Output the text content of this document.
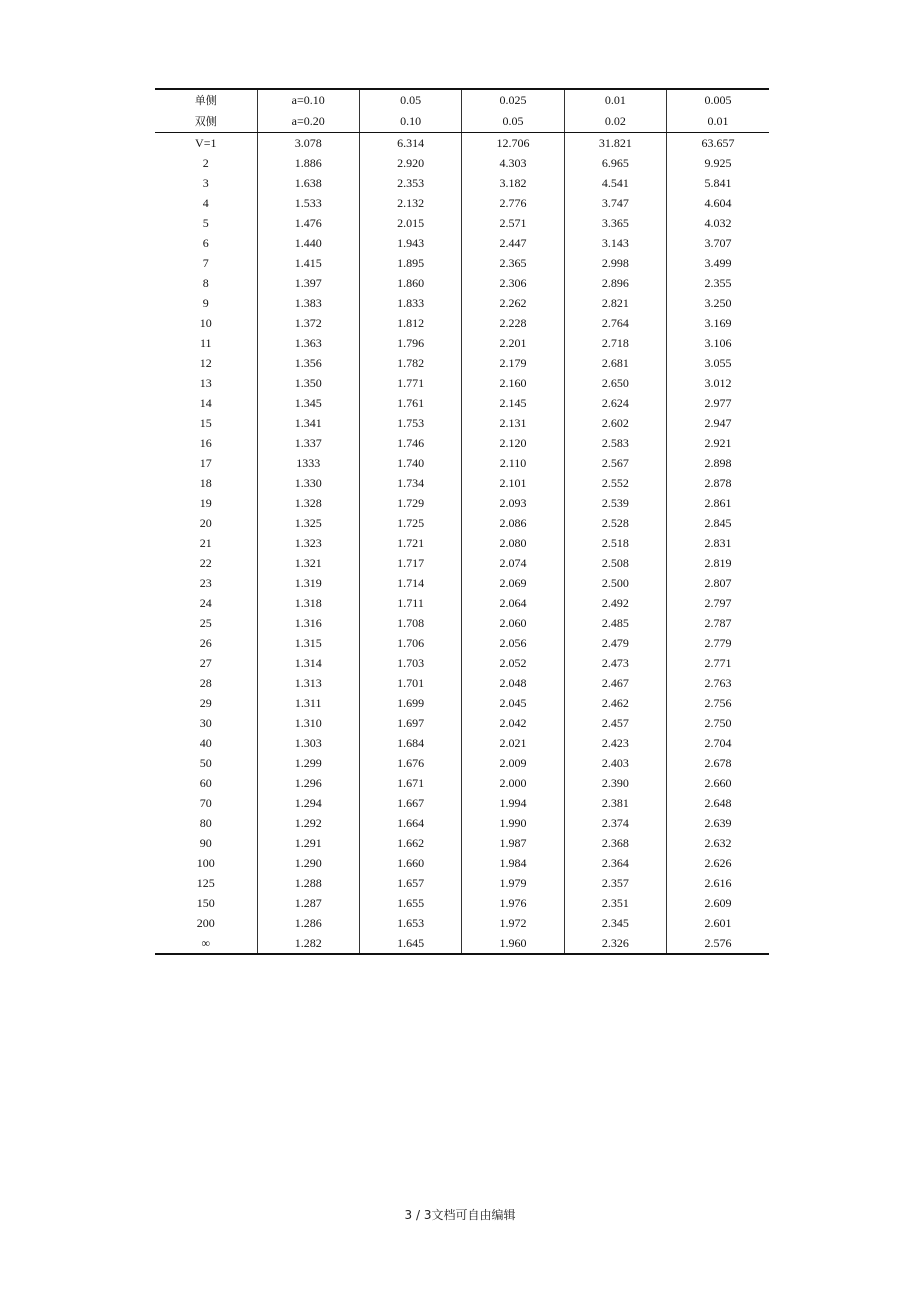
单侧	a=0.10	0.05	0.025	0.01	0.005
双侧	a=0.20	0.10	0.05	0.02	0.01
V=1	3.078	6.314	12.706	31.821	63.657
2	1.886	2.920	4.303	6.965	9.925
3	1.638	2.353	3.182	4.541	5.841
4	1.533	2.132	2.776	3.747	4.604
5	1.476	2.015	2.571	3.365	4.032
6	1.440	1.943	2.447	3.143	3.707
7	1.415	1.895	2.365	2.998	3.499
8	1.397	1.860	2.306	2.896	2.355
9	1.383	1.833	2.262	2.821	3.250
10	1.372	1.812	2.228	2.764	3.169
11	1.363	1.796	2.201	2.718	3.106
12	1.356	1.782	2.179	2.681	3.055
13	1.350	1.771	2.160	2.650	3.012
14	1.345	1.761	2.145	2.624	2.977
15	1.341	1.753	2.131	2.602	2.947
16	1.337	1.746	2.120	2.583	2.921
17	1333	1.740	2.110	2.567	2.898
18	1.330	1.734	2.101	2.552	2.878
19	1.328	1.729	2.093	2.539	2.861
20	1.325	1.725	2.086	2.528	2.845
21	1.323	1.721	2.080	2.518	2.831
22	1.321	1.717	2.074	2.508	2.819
23	1.319	1.714	2.069	2.500	2.807
24	1.318	1.711	2.064	2.492	2.797
25	1.316	1.708	2.060	2.485	2.787
26	1.315	1.706	2.056	2.479	2.779
27	1.314	1.703	2.052	2.473	2.771
28	1.313	1.701	2.048	2.467	2.763
29	1.311	1.699	2.045	2.462	2.756
30	1.310	1.697	2.042	2.457	2.750
40	1.303	1.684	2.021	2.423	2.704
50	1.299	1.676	2.009	2.403	2.678
60	1.296	1.671	2.000	2.390	2.660
70	1.294	1.667	1.994	2.381	2.648
80	1.292	1.664	1.990	2.374	2.639
90	1.291	1.662	1.987	2.368	2.632
100	1.290	1.660	1.984	2.364	2.626
125	1.288	1.657	1.979	2.357	2.616
150	1.287	1.655	1.976	2.351	2.609
200	1.286	1.653	1.972	2.345	2.601
∞	1.282	1.645	1.960	2.326	2.576
3 / 3文档可自由编辑
